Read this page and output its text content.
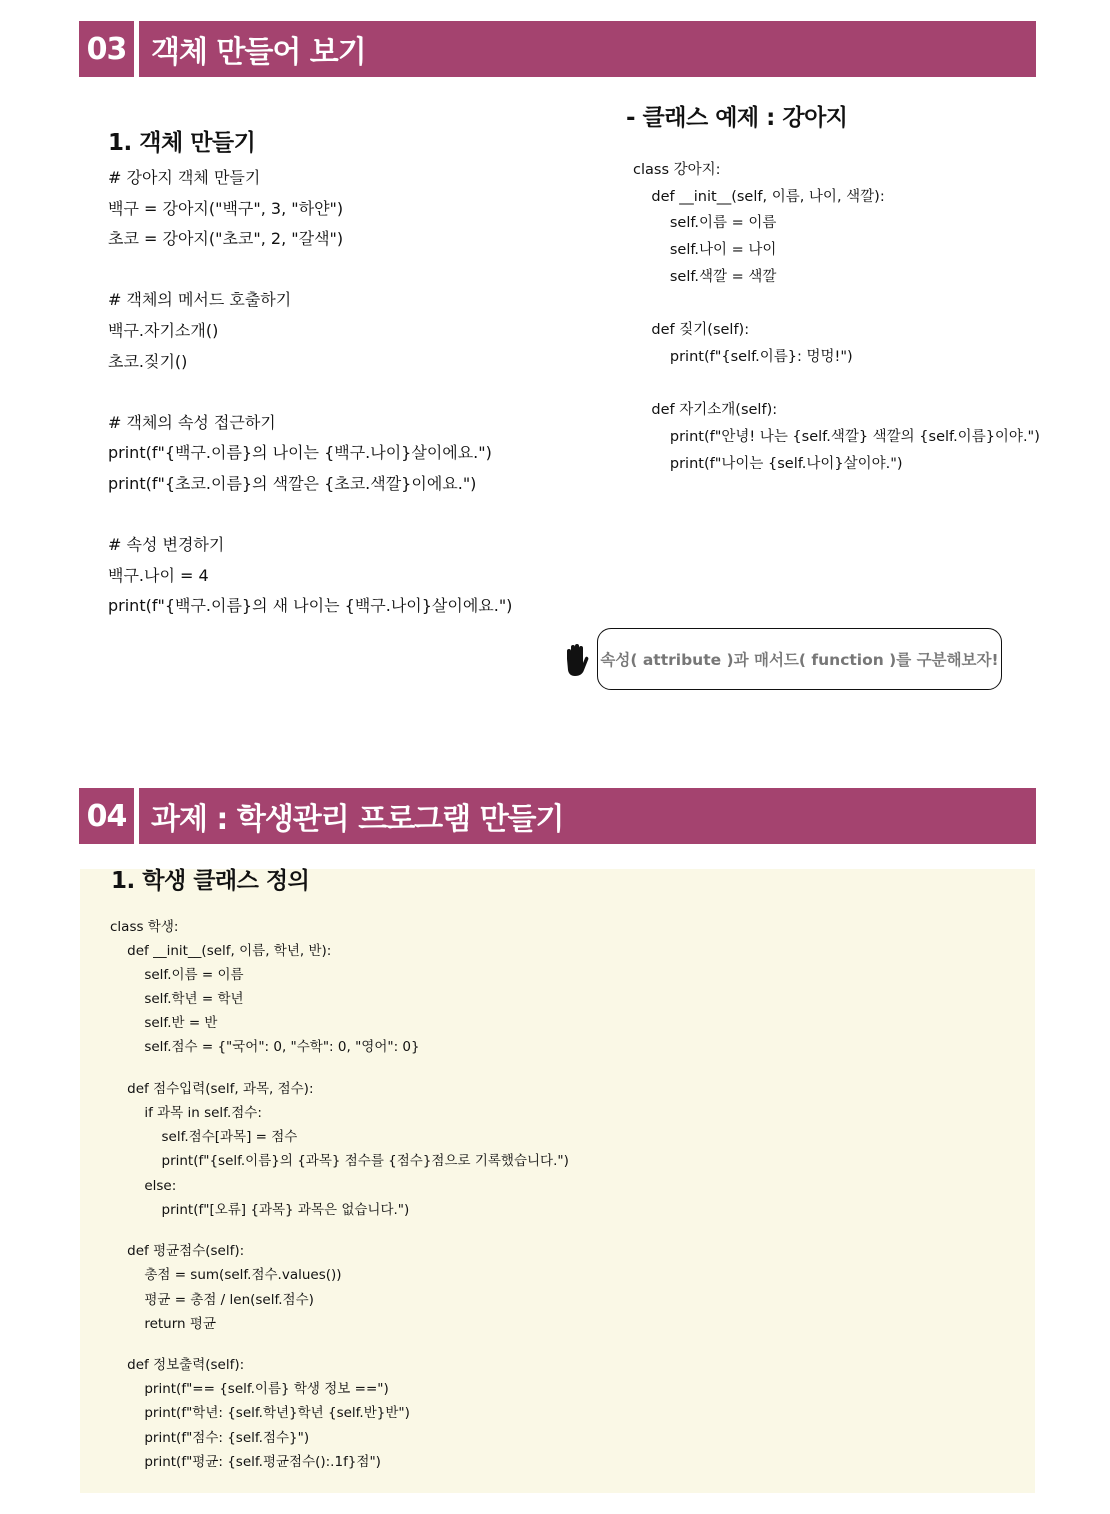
03 객체 만들어 보기
1. 객체 만들기
# 강아지 객체 만들기
백구 = 강아지("백구", 3, "하얀")
초코 = 강아지("초코", 2, "갈색")

# 객체의 메서드 호출하기
백구.자기소개()
초코.짖기()

# 객체의 속성 접근하기
print(f"{백구.이름}의 나이는 {백구.나이}살이에요.")
print(f"{초코.이름}의 색깔은 {초코.색깔}이에요.")

# 속성 변경하기
백구.나이 = 4
print(f"{백구.이름}의 새 나이는 {백구.나이}살이에요.")
- 클래스 예제 : 강아지
class 강아지:
def __init__(self, 이름, 나이, 색깔):
self.이름 = 이름
self.나이 = 나이
self.색깔 = 색깔

def 짖기(self):
print(f"{self.이름}: 멍멍!")

def 자기소개(self):
print(f"안녕! 나는 {self.색깔} 색깔의 {self.이름}이야.")
print(f"나이는 {self.나이}살이야.")
속성( attribute )과 매서드( function )를 구분해보자!
04 과제 : 학생관리 프로그램 만들기
1. 학생 클래스 정의
class 학생:
def __init__(self, 이름, 학년, 반):
self.이름 = 이름
self.학년 = 학년
self.반 = 반
self.점수 = {"국어": 0, "수학": 0, "영어": 0}
def 점수입력(self, 과목, 점수):
if 과목 in self.점수:
self.점수[과목] = 점수
print(f"{self.이름}의 {과목} 점수를 {점수}점으로 기록했습니다.")
else:
print(f"[오류] {과목} 과목은 없습니다.")
def 평균점수(self):
총점 = sum(self.점수.values())
평균 = 총점 / len(self.점수)
return 평균
def 정보출력(self):
print(f"== {self.이름} 학생 정보 ==")
print(f"학년: {self.학년}학년 {self.반}반")
print(f"점수: {self.점수}")
print(f"평균: {self.평균점수():.1f}점")
